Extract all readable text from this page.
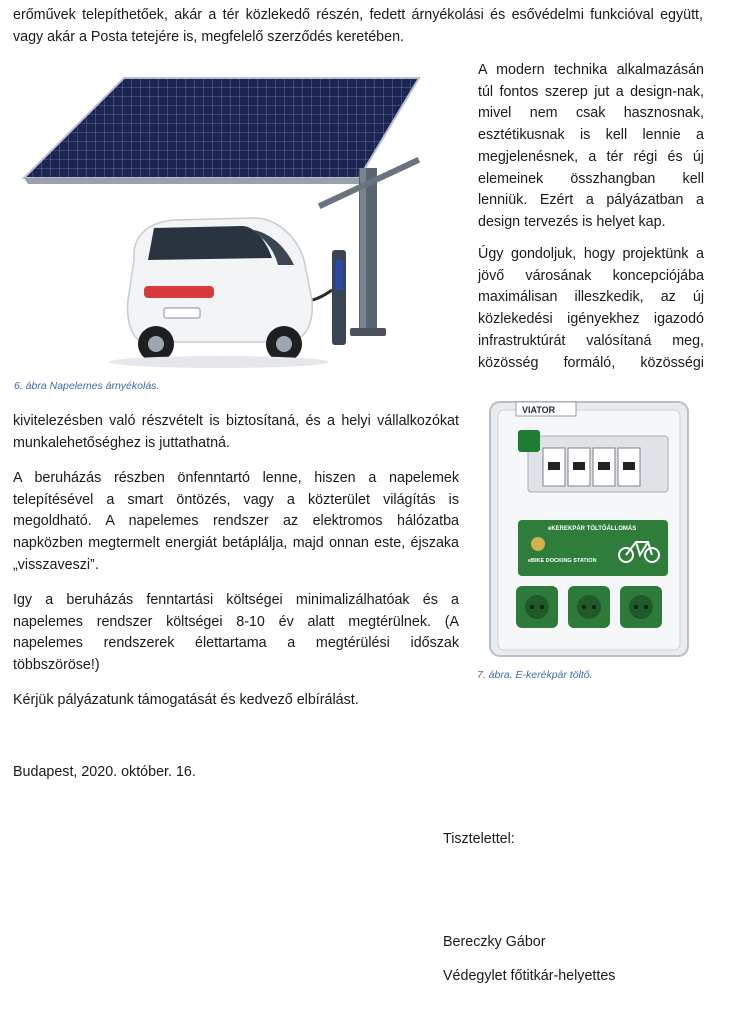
erőművek telepíthetőek, akár a tér közlekedő részén, fedett árnyékolási és esővédelmi funkcióval együtt, vagy akár a Posta tetejére is, megfelelő szerződés keretében.

6. ábra Napelemes árnyékolás.

A modern technika alkalmazásán túl fontos szerep jut a design-nak, mivel nem csak hasznosnak, esztétikusnak is kell lennie a megjelenésnek, a tér régi és új elemeinek összhangban kell lenniük. Ezért a pályázatban a design tervezés is helyet kap.

Úgy gondoljuk, hogy projektünk a jövő városának koncepciójába maximálisan illeszkedik, az új közlekedési igényekhez igazodó infrastruktúrát valósítaná meg, közösség formáló, közösségi

kivitelezésben való részvételt is biztosítaná, és a helyi vállalkozókat munkalehetőséghez is juttathatná.

A beruházás részben önfenntartó lenne, hiszen a napelemek telepítésével a smart öntözés, vagy a közterület világítás is megoldható. A napelemes rendszer az elektromos hálózatba napközben megtermelt energiát betáplálja, majd onnan este, éjszaka „visszaveszi”.

Igy a beruházás fenntartási költségei minimalizálhatóak és a napelemes rendszer költségei 8-10 év alatt megtérülnek. (A napelemes rendszerek élettartama a megtérülési időszak többszöröse!)

Kérjük pályázatunk támogatását és kedvező elbírálást.

VIATOR
eKEREKPÁR TÖLTŐÁLLOMÁS
eBIKE DOCKING STATION

7. ábra. E-kerékpár töltő.

Budapest, 2020. október. 16.

Tisztelettel:

Bereczky Gábor

Védegylet főtitkár-helyettes
